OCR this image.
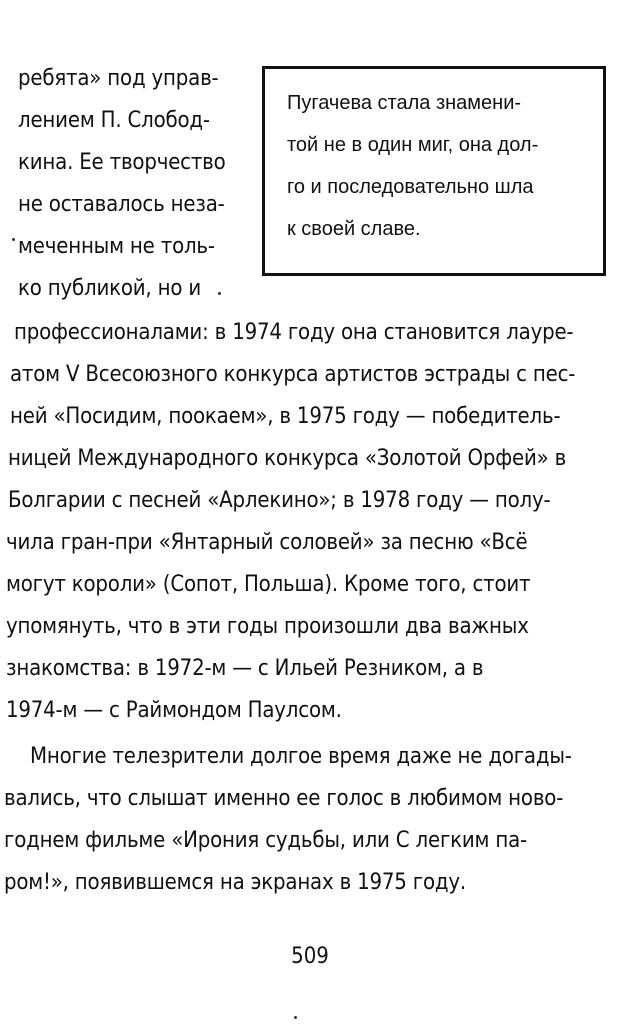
ребята» под управ-
лением П. Слобод-
кина. Ее творчество
не оставалось неза-
меченным не толь-
ко публикой, но и
Пугачева стала знамени-
той не в один миг, она дол-
го и последовательно шла
к своей славе.
профессионалами: в 1974 году она становится лауре-
атом V Всесоюзного конкурса артистов эстрады с пес-
ней «Посидим, поокаем», в 1975 году — победитель-
ницей Международного конкурса «Золотой Орфей» в
Болгарии с песней «Арлекино»; в 1978 году — полу-
чила гран-при «Янтарный соловей» за песню «Всё
могут короли» (Сопот, Польша). Кроме того, стоит
упомянуть, что в эти годы произошли два важных
знакомства: в 1972-м — с Ильей Резником, а в
1974-м — с Раймондом Паулсом.
Многие телезрители долгое время даже не догады-
вались, что слышат именно ее голос в любимом ново-
годнем фильме «Ирония судьбы, или С легким па-
ром!», появившемся на экранах в 1975 году.
509
